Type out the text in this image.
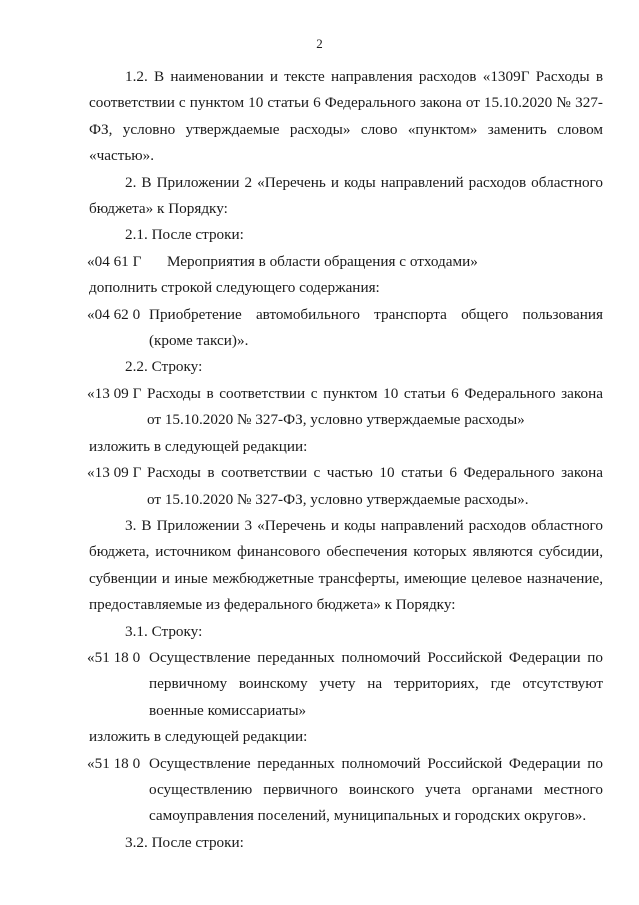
2

1.2. В наименовании и тексте направления расходов «1309Г Расходы в соответствии с пунктом 10 статьи 6 Федерального закона от 15.10.2020 № 327-ФЗ, условно утверждаемые расходы» слово «пунктом» заменить словом «частью».

2. В Приложении 2 «Перечень и коды направлений расходов областного бюджета» к Порядку:

2.1. После строки:

«04 61 Г	Мероприятия в области обращения с отходами»

дополнить строкой следующего содержания:

«04 62 0 Приобретение автомобильного транспорта общего пользования (кроме такси)».

2.2. Строку:

«13 09 Г Расходы в соответствии с пунктом 10 статьи 6 Федерального закона
от 15.10.2020 № 327-ФЗ, условно утверждаемые расходы»

изложить в следующей редакции:

«13 09 Г Расходы в соответствии с частью 10 статьи 6 Федерального закона
от 15.10.2020 № 327-ФЗ, условно утверждаемые расходы».

3. В Приложении 3 «Перечень и коды направлений расходов областного бюджета, источником финансового обеспечения которых являются субсидии, субвенции и иные межбюджетные трансферты, имеющие целевое назначение, предоставляемые из федерального бюджета» к Порядку:

3.1. Строку:

«51 18 0 Осуществление переданных полномочий Российской Федерации по первичному воинскому учету на территориях, где отсутствуют военные комиссариаты»

изложить в следующей редакции:

«51 18 0 Осуществление переданных полномочий Российской Федерации по осуществлению первичного воинского учета органами местного самоуправления поселений, муниципальных и городских округов».

3.2. После строки:
